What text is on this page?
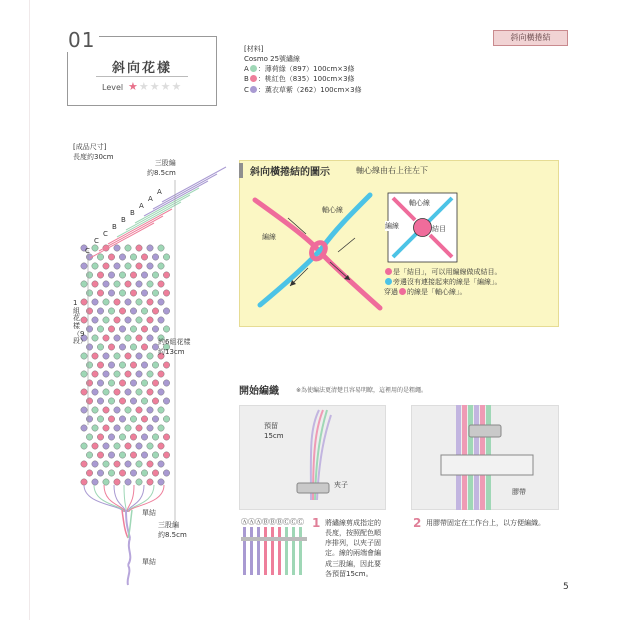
斜向橫捲結
01
斜向花樣
Level ★★★★★
[材料]
Cosmo 25號繡線
A ：薄荷綠（897）100cm×3條
B ：桃紅色（835）100cm×3條
C ：薰衣草紫（262）100cm×3條
[成品尺寸]
長度約30cm
三股編
約8.5cm
約6組花樣
約13cm
1組花樣（9段）
三股編
約8.5cm
單結
單結
A
A
A
B
B
B
C
C
C
斜向橫捲結的圖示	軸心線由右上往左下
軸心線
編線
軸心線
編線	結目
是「結目」，可以用編線做成結目。
旁邊沒有連接起來的線是「編線」。
穿過 的線是「軸心線」。
開始編織	※為使編法更清楚且容易明瞭，這裡用的是粗繩。
預留
15cm
夾子
膠帶
ⒶⒶⒶⒷⒷⒷⒸⒸⒸ 1 將繡線剪成指定的
長度，按照配色順
序排列，以夾子固
定。線的兩端會編
成三股編，因此要
各預留15cm。
2 用膠帶固定在工作台上，以方便編織。
5
